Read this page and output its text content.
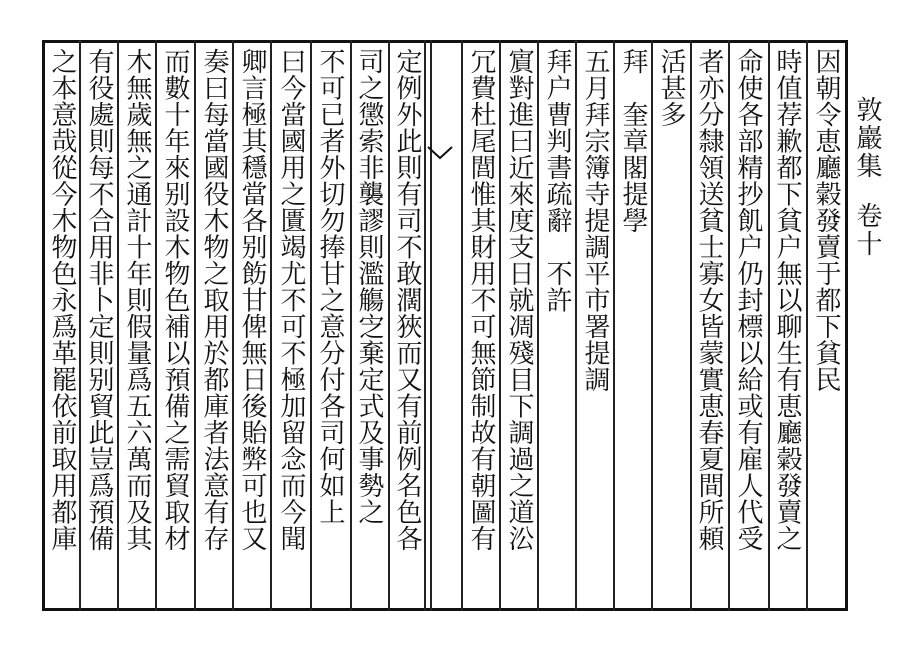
敦巖集卷十
因朝令恵廳糓發賣于都下貧民
時值荐歉都下貧户無以聊生有恵廳糓發賣之
命使各部精抄飢户仍封標以給或有雇人代受
者亦分隸領送貧士寡女皆蒙實恵春夏間所頼
活甚多
拜　奎章閣提學
五月拜宗簿寺提調平市署提調
拜户曹判書疏辭　不許
賔對進曰近來度支日就凋殘目下調過之道㳂
冗費杜尾閭惟其財用不可無節制故有朝圖有
定例外此則有司不敢濶狹而又有前例名色各
司之懲索非襲謬則濫觴㝎棄定式及事勢之
不可已者外切勿捧甘之意分付各司何如上
曰今當國用之匱竭尤不可不極加留念而今聞
卿言極其穩當各别飭甘俾無日後貽弊可也又
奏曰每當國役木物之取用於都庫者法意有存
而數十年來别設木物色補以預備之需貿取材
木無歲無之通計十年則假量爲五六萬而及其
有役處則每不合用非卜定則别貿此豈爲預備
之本意哉從今木物色永爲革罷依前取用都庫
